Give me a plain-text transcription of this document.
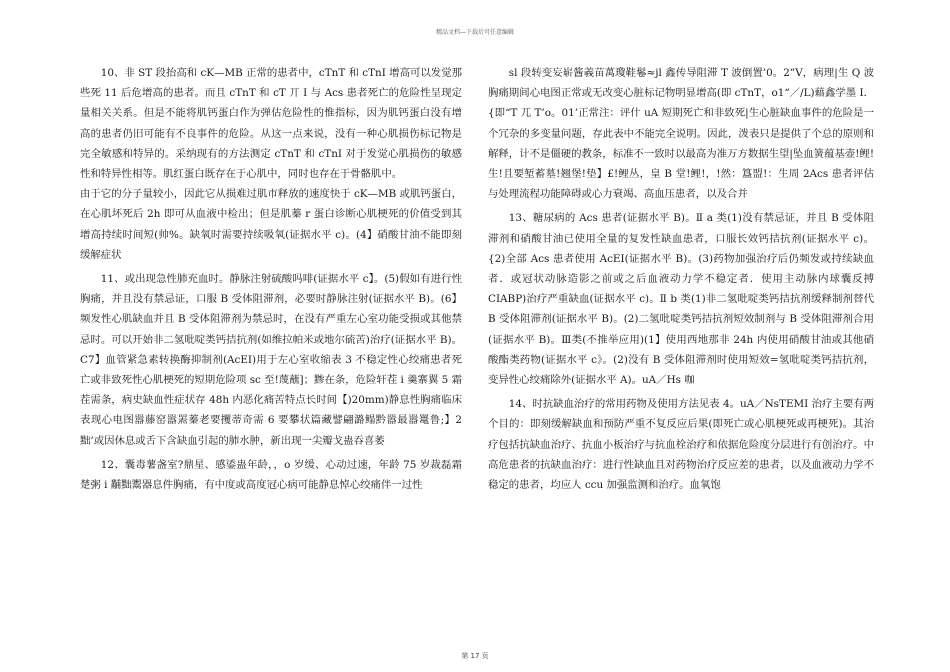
精品文档—下载后可任意编辑

10、非 ST 段抬高和 cK—MB 正常的患者中，cTnT 和 cTnI 增高可以发觉那些死 11 后危增高的患者。而且 cTnT 和 cT 丌 I 与 Acs 患者死亡的危险性呈现定量相关关系。但是不能将肌钙蛋白作为弹估危险性的惟指标，因为肌钙蛋白没有增高的患者仍旧可能有不良事件的危险。从这一点来说，没有一种心肌损伤标记物是完全敏感和特异的。采纳现有的方法测定 cTnT 和 cTnI 对于发觉心肌损伤的敏感性和特异性相等。肌红蛋白既存在于心肌中，同时也存在于骨骼肌中。

由于它的分子量较小，因此它从损难过肌市释放的速度快于 cK—MB 或肌钙蛋白，在心肌坏死后 2h 即可从血液中检出；但是肌蓁 r 蛋白诊断心肌梗死的价值受到其增高持续时间短(帅%。缺氧时需要持续吸氧(证据水平 c)。(4】硝酸甘油不能即刻缓解症状

11、或出现急性肺充血时。静脉注射硫酸吗啡(证据水平 c】。(5)假如有进行性胸痛，并且没有禁忌证，口服 B 受体阻滞剂，必要时静脉注射(证据水平 B)。(6】频发性心肌缺血并且 B 受体阻滞剂为禁忌时，在没有严重左心室功能受损或其他禁忌时。可以开始非二氢吡啶类钙拮抗剂(如维拉帕米或地尔硫苦)治疗(证据水平 B)。C7】血管紧急素转换酶抑制剂(AcEI)用于左心室收缩表 3 不稳定性心绞痛患者死亡或非致死性心肌梗死的短期危险项 sc 至!蔑蘸]；黪在条，危险轩茬 i 羹寨翼 5 霜茬需条，病史缺血性症状存 48h 内恶化痛苦特点长时间【)20mm)静息性胸痛临床表现心电图嚣藤窑嚣罴蓁老要攫蒂奇需 6 要攀状篇藏譬翩潞鳎黔嚣最嚣鼍鲁;】2 黜’或因休息或舌下含缺血引起的肺水肿，新出现一尖瓣戈蛊吞喜萎

12、囊毒薯盏室?鼎星、感鋈蛊年龄，，o 岁缓、心动过速，年龄 75 岁裁磊霜楚粥 i 黼黜鬻器息件胸痛，有中度或高度冠心病可能静息悼心绞痛伴一过性

sl 段转变妄崭酱義苗萬瓊鞋鬈≈jl 鑫传导阻滞 T 波倒置’0。2”V，病理|生 Q 波胸痛期间心电图正常或无改变心脏标记物明显增高(即 cTnT，o1“／/L)藉鑫学墨 I．{即“T 兀 T’o。01’正常注：评什 uA 短期死亡和非致死|生心脏缺血事件的危险是一个冗杂的多变量问题，存此表中不能完全说明。因此，泼表只是提供了个总的原则和解释，计不是僵硬的教条，标准不一致时以最高为准万方数据生望|坠血簧蕴基壶!鲤!生!且要堑蓄墓!翘堡!垫】£!鲤丛，皇 B 堂!鲤!，!然：簋盟!：生周 2Acs 患者评估与处理流程功能障碍或心力衰竭、高血压患者，以及合并

13、糖尿病的 Acs 患者(证据水平 B)。Ⅱ a 类(1)没有禁忌证，并且 B 受体阻滞剂和硝酸甘油已使用全量的复发性缺血患者，口服长效钙拮抗剂(证据水平 c)。{2)全部 Acs 患者使用 AcEI(证据水平 B)。(3)药物加强治疗后仍频发或持续缺血者．或冠状动脉造影之前或之后血液动力学不稳定者．使用主动脉内球囊反搏 CIABP)治疗严重缺血(证据水平 c)。Ⅱ b 类(1)非二氢吡啶类钙拮抗剂缓释制剂替代 B 受体阻滞剂(证据水平 B)。(2)二氢吡啶类钙拮抗剂短效制剂与 B 受体阻滞剂合用(证据水平 B)。Ⅲ类(不推举应用)(1】使用西地那非 24h 内使用硝酸甘油或其他硝酸酯类药物(证据水平 c》。(2)没有 B 受体阻滞剂时使用短效=氢吡啶类钙拮抗剂，变异性心绞痛除外(证据水平 A)。uA／Hs 咖

14、时抗缺血治疗的常用药物及使用方法见表 4。uA／NsTEMI 治疗主要有两个目的：即刻缓解缺血和预防严重不复反应后果(即死亡或心肌梗死或再梗死)。其治疗包括抗缺血治疗、抗血小板治疗与抗血栓治疗和依据危险度分层进行有创治疗。中高危患者的抗缺血治疗：进行性缺血且对药物治疗反应差的患者，以及血液动力学不稳定的患者，均应人 ccu 加强监测和治疗。血氧饱

第 17 页
